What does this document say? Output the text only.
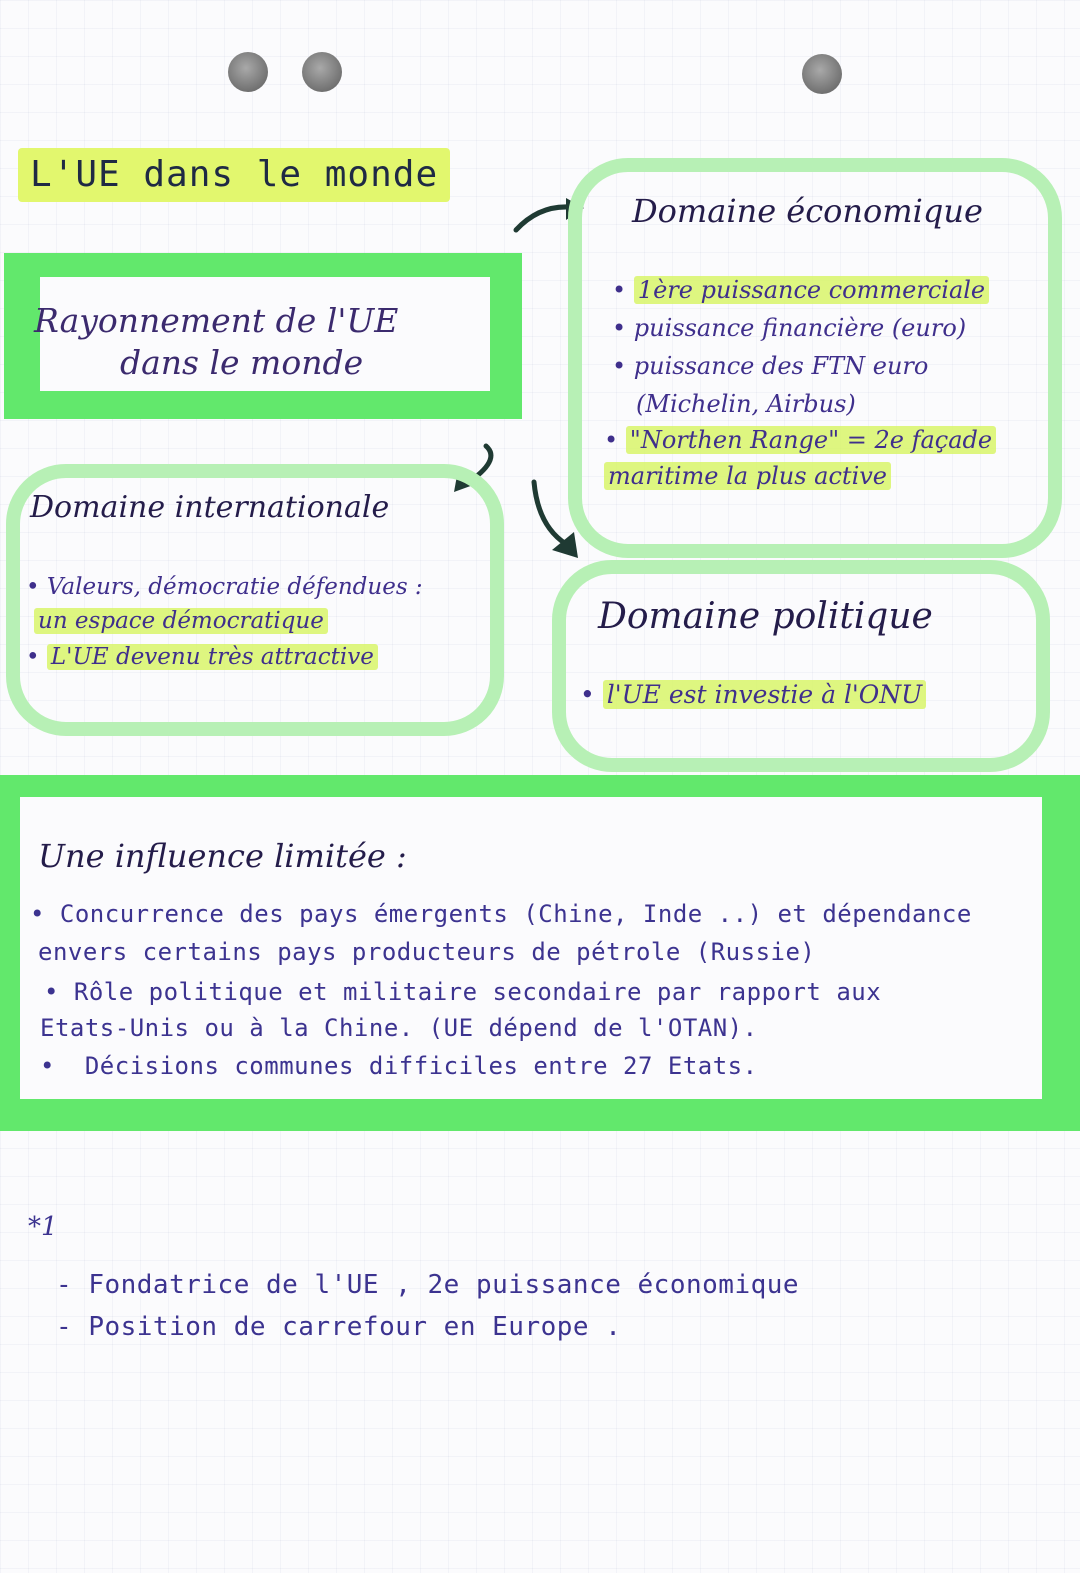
L'UE dans le monde
Rayonnement de l'UE
dans le monde
Domaine économique
• 1ère puissance commerciale
• puissance financière (euro)
• puissance des FTN euro
(Michelin, Airbus)
• "Northen Range" = 2e façade
maritime la plus active
Domaine internationale
• Valeurs, démocratie défendues :
un espace démocratique
• L'UE devenu très attractive
Domaine politique
• l'UE est investie à l'ONU
Une influence limitée :
• Concurrence des pays émergents (Chine, Inde ..) et dépendance
envers certains pays producteurs de pétrole (Russie)
• Rôle politique et militaire secondaire par rapport aux
Etats-Unis ou à la Chine. (UE dépend de l'OTAN).
•  Décisions communes difficiles entre 27 Etats.
*1
- Fondatrice de l'UE , 2e puissance économique
- Position de carrefour en Europe .
